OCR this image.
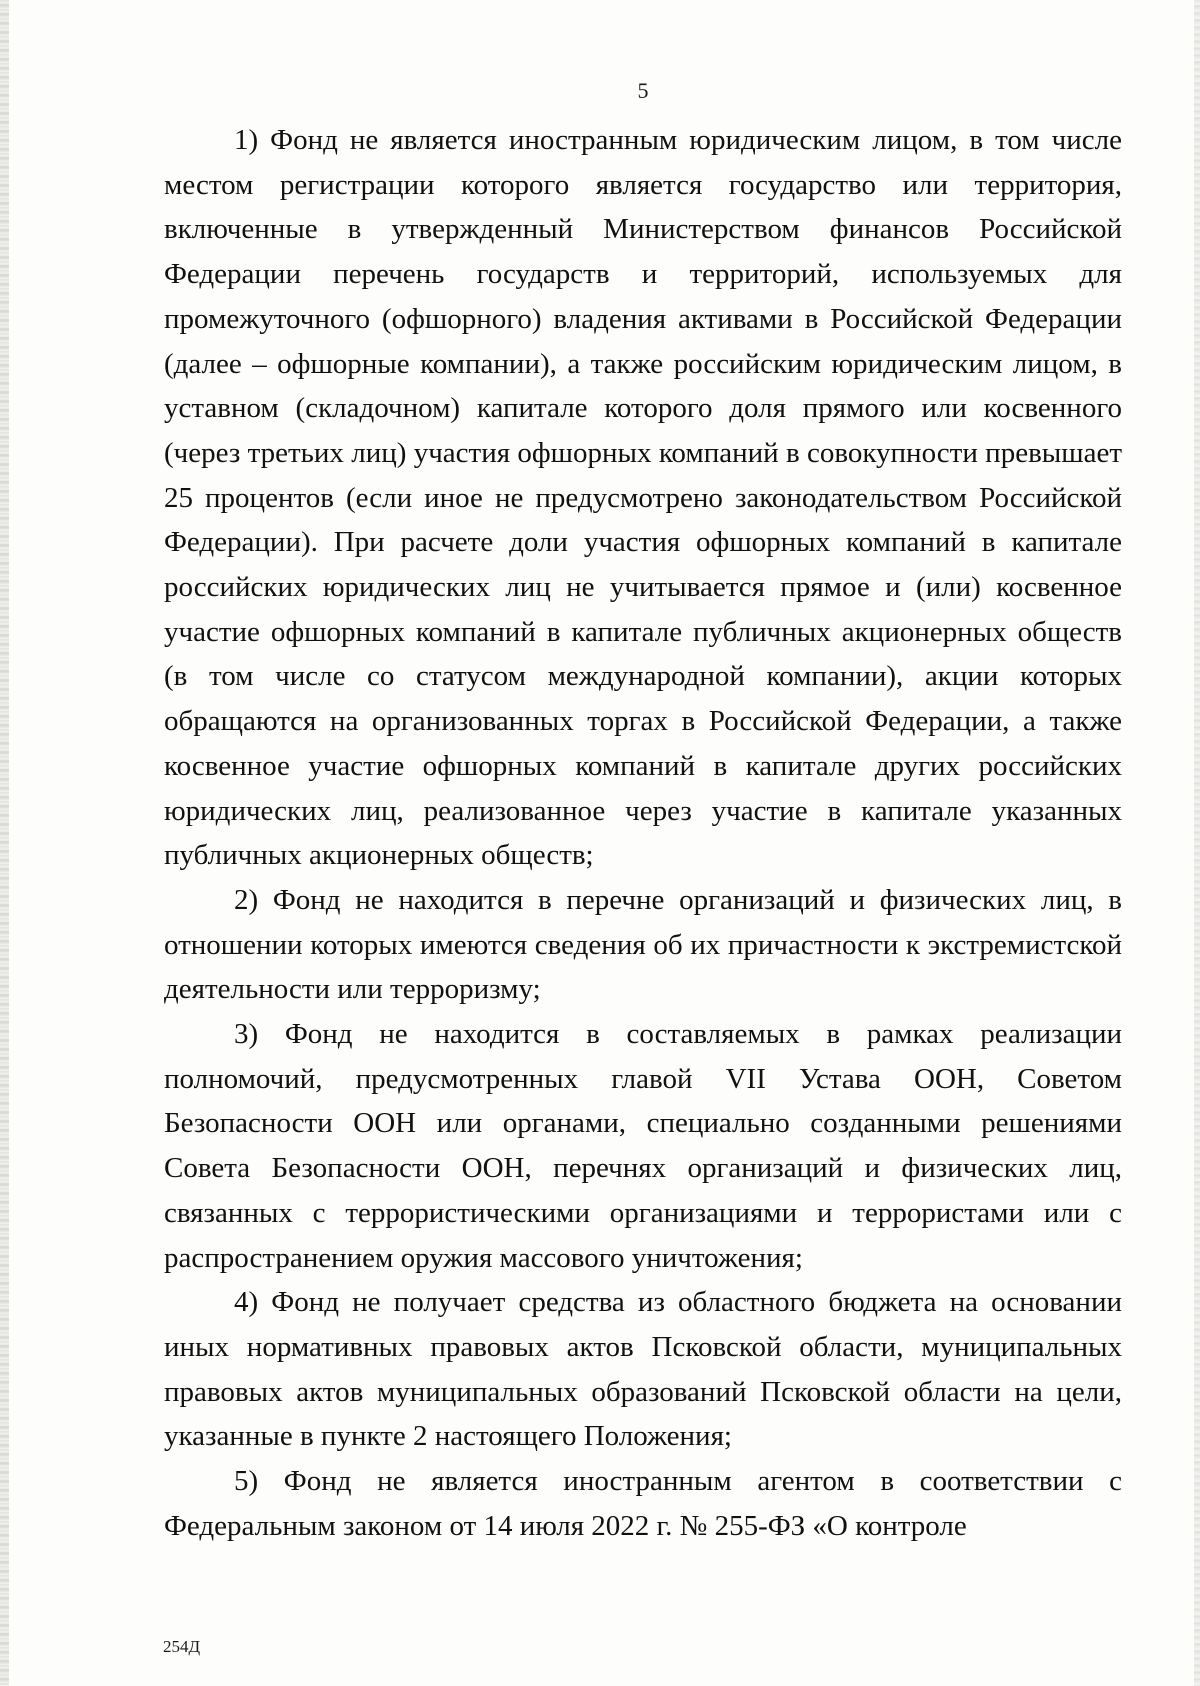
5

1) Фонд не является иностранным юридическим лицом, в том числе местом регистрации которого является государство или территория, включенные в утвержденный Министерством финансов Российской Федерации перечень государств и территорий, используемых для промежуточного (офшорного) владения активами в Российской Федерации (далее – офшорные компании), а также российским юридическим лицом, в уставном (складочном) капитале которого доля прямого или косвенного (через третьих лиц) участия офшорных компаний в совокупности превышает 25 процентов (если иное не предусмотрено законодательством Российской Федерации). При расчете доли участия офшорных компаний в капитале российских юридических лиц не учитывается прямое и (или) косвенное участие офшорных компаний в капитале публичных акционерных обществ (в том числе со статусом международной компании), акции которых обращаются на организованных торгах в Российской Федерации, а также косвенное участие офшорных компаний в капитале других российских юридических лиц, реализованное через участие в капитале указанных публичных акционерных обществ;

2) Фонд не находится в перечне организаций и физических лиц, в отношении которых имеются сведения об их причастности к экстремистской деятельности или терроризму;

3) Фонд не находится в составляемых в рамках реализации полномочий, предусмотренных главой VII Устава ООН, Советом Безопасности ООН или органами, специально созданными решениями Совета Безопасности ООН, перечнях организаций и физических лиц, связанных с террористическими организациями и террористами или с распространением оружия массового уничтожения;

4) Фонд не получает средства из областного бюджета на основании иных нормативных правовых актов Псковской области, муниципальных правовых актов муниципальных образований Псковской области на цели, указанные в пункте 2 настоящего Положения;

5) Фонд не является иностранным агентом в соответствии с Федеральным законом от 14 июля 2022 г. № 255-ФЗ «О контроле

254Д
